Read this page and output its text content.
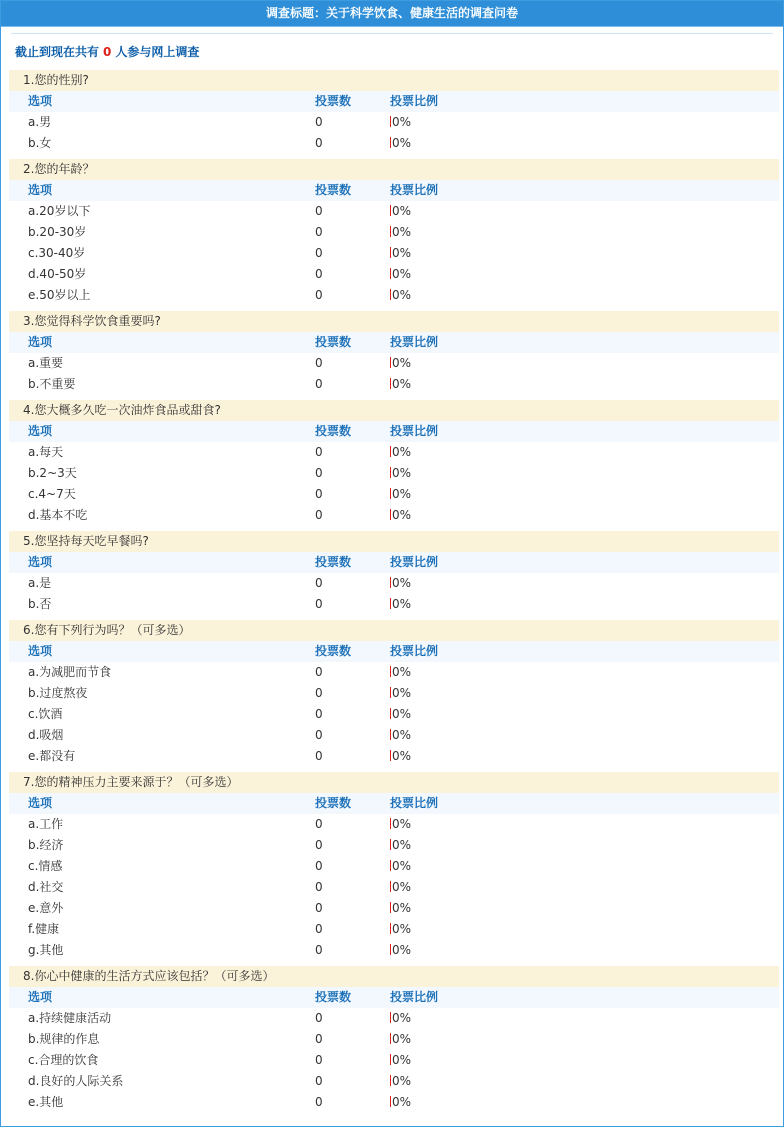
调查标题：关于科学饮食、健康生活的调查问卷
截止到现在共有 0 人参与网上调查
1.您的性别?
选项	投票数	投票比例
a.男	0	0%
b.女	0	0%
2.您的年龄？
选项	投票数	投票比例
a.20岁以下	0	0%
b.20-30岁	0	0%
c.30-40岁	0	0%
d.40-50岁	0	0%
e.50岁以上	0	0%
3.您觉得科学饮食重要吗?
选项	投票数	投票比例
a.重要	0	0%
b.不重要	0	0%
4.您大概多久吃一次油炸食品或甜食?
选项	投票数	投票比例
a.每天	0	0%
b.2~3天	0	0%
c.4~7天	0	0%
d.基本不吃	0	0%
5.您坚持每天吃早餐吗?
选项	投票数	投票比例
a.是	0	0%
b.否	0	0%
6.您有下列行为吗？（可多选）
选项	投票数	投票比例
a.为减肥而节食	0	0%
b.过度熬夜	0	0%
c.饮酒	0	0%
d.吸烟	0	0%
e.都没有	0	0%
7.您的精神压力主要来源于？（可多选）
选项	投票数	投票比例
a.工作	0	0%
b.经济	0	0%
c.情感	0	0%
d.社交	0	0%
e.意外	0	0%
f.健康	0	0%
g.其他	0	0%
8.你心中健康的生活方式应该包括？（可多选）
选项	投票数	投票比例
a.持续健康活动	0	0%
b.规律的作息	0	0%
c.合理的饮食	0	0%
d.良好的人际关系	0	0%
e.其他	0	0%
